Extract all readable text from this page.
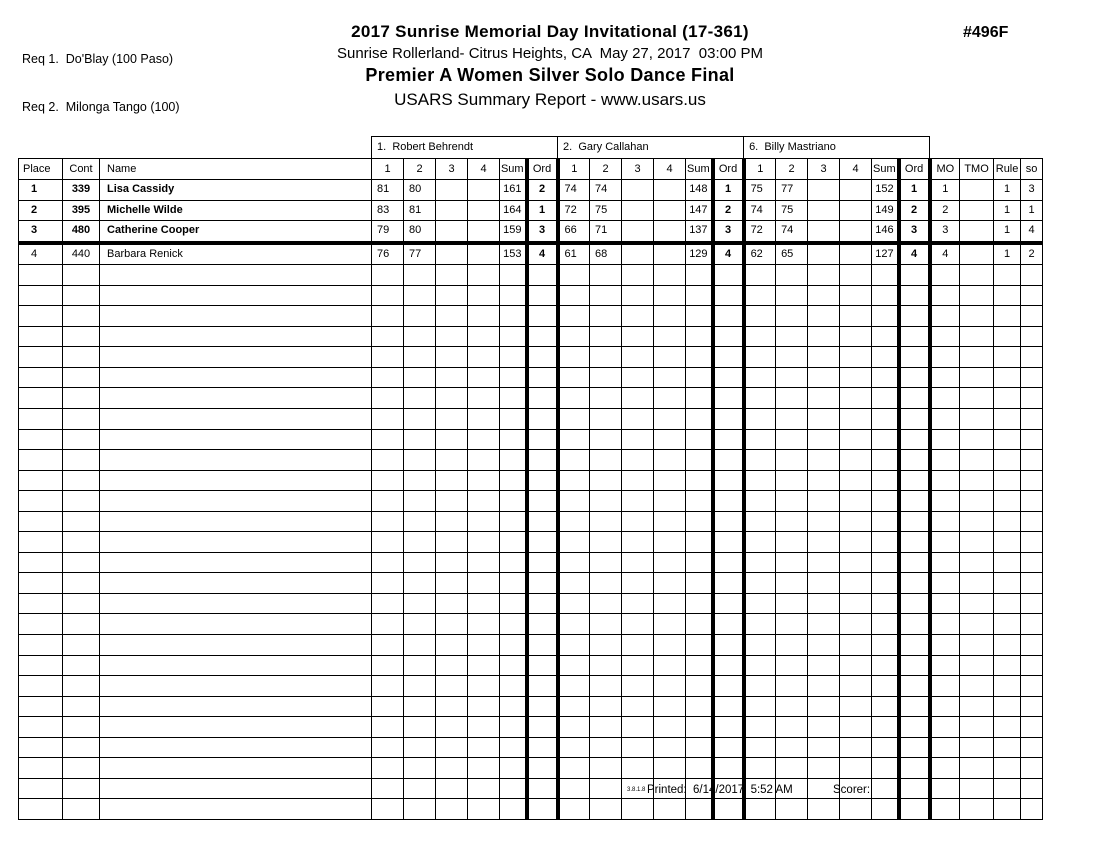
Req 1.  Do'Blay (100 Paso)

Req 2.  Milonga Tango (100)

2017 Sunrise Memorial Day Invitational (17-361)
Sunrise Rollerland- Citrus Heights, CA  May 27, 2017  03:00 PM
Premier A Women Silver Solo Dance Final
USARS Summary Report - www.usars.us
#496F
			1.  Robert Behrendt						2.  Gary Callahan						6.  Billy Mastriano									
Place	Cont	Name	1	2	3	4	Sum	Ord	1	2	3	4	Sum	Ord	1	2	3	4	Sum	Ord	MO	TMO	Rule	so
1	339	Lisa Cassidy	81	80			161	2	74	74			148	1	75	77			152	1	1		1	3
2	395	Michelle Wilde	83	81			164	1	72	75			147	2	74	75			149	2	2		1	1
3	480	Catherine Cooper	79	80			159	3	66	71			137	3	72	74			146	3	3		1	4
4	440	Barbara Renick	76	77			153	4	61	68			129	4	62	65			127	4	4		1	2

3.8.1.8 Printed:  6/14/2017  5:52 AM	Scorer:
